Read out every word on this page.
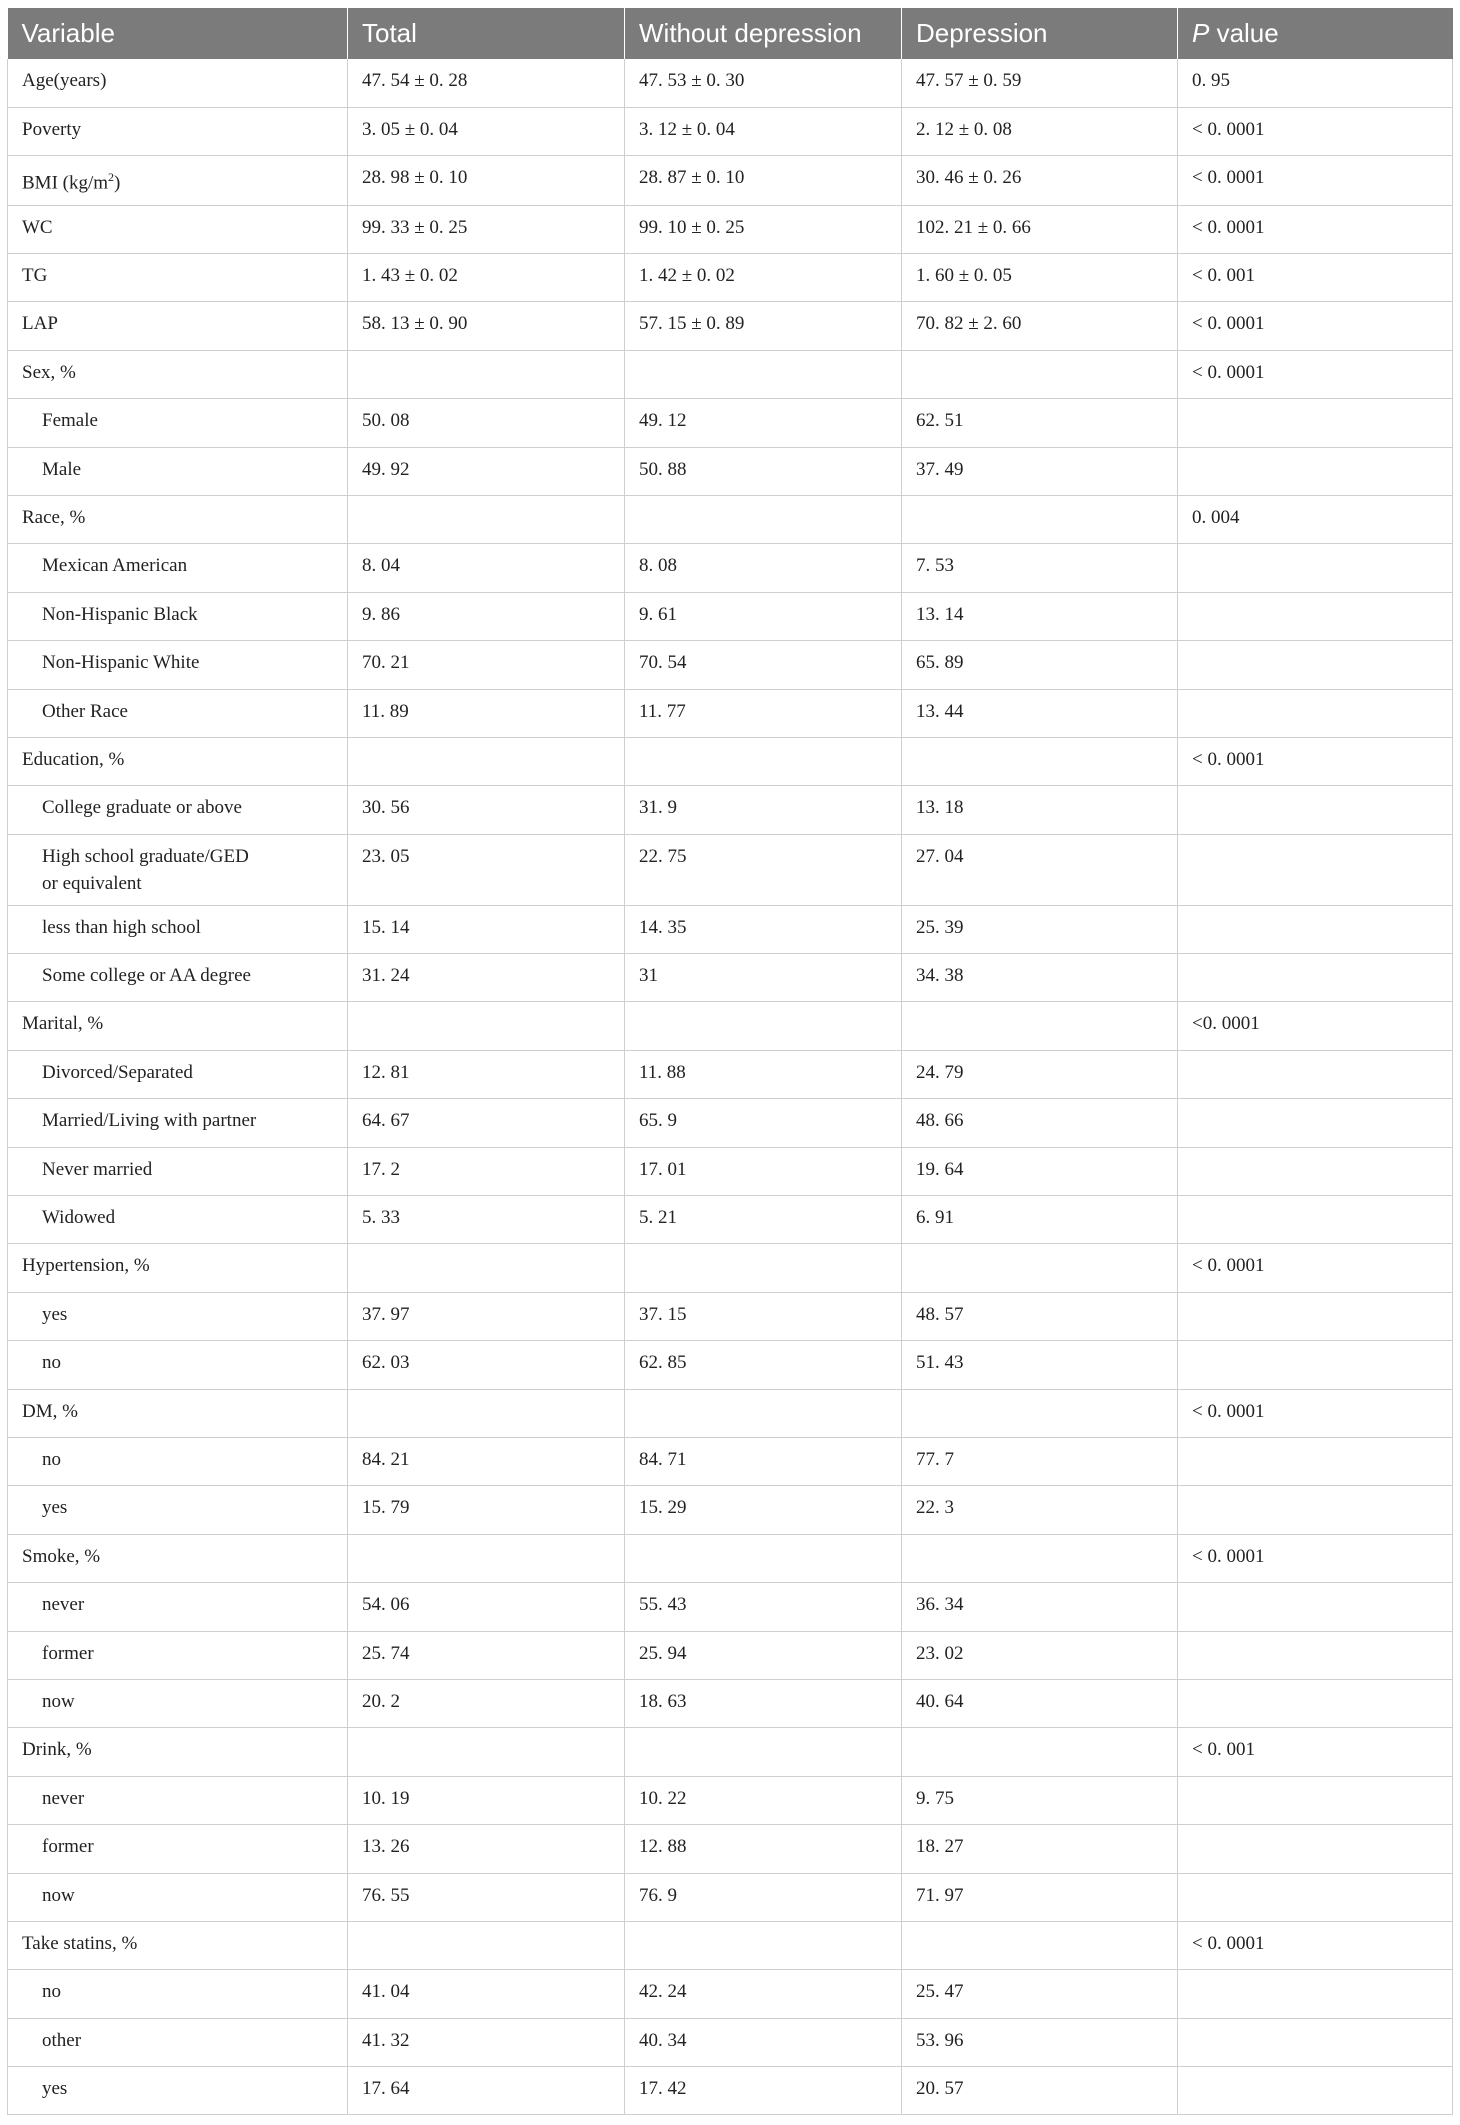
Variable	Total	Without depression	Depression	P value
Age(years)	47. 54 ± 0. 28	47. 53 ± 0. 30	47. 57 ± 0. 59	0. 95
Poverty	3. 05 ± 0. 04	3. 12 ± 0. 04	2. 12 ± 0. 08	< 0. 0001
BMI $(kg/m^2)$	28. 98 ± 0. 10	28. 87 ± 0. 10	30. 46 ± 0. 26	< 0. 0001
WC	99. 33 ± 0. 25	99. 10 ± 0. 25	102. 21 ± 0. 66	< 0. 0001
TG	1. 43 ± 0. 02	1. 42 ± 0. 02	1. 60 ± 0. 05	< 0. 001
LAP	58. 13 ± 0. 90	57. 15 ± 0. 89	70. 82 ± 2. 60	< 0. 0001
Sex, %				< 0. 0001
Female	50. 08	49. 12	62. 51	
Male	49. 92	50. 88	37. 49	
Race, %				0. 004
Mexican American	8. 04	8. 08	7. 53	
Non-Hispanic Black	9. 86	9. 61	13. 14	
Non-Hispanic White	70. 21	70. 54	65. 89	
Other Race	11. 89	11. 77	13. 44	
Education, %				< 0. 0001
College graduate or above	30. 56	31. 9	13. 18	
High school graduate/GED
or equivalent	23. 05	22. 75	27. 04	
less than high school	15. 14	14. 35	25. 39	
Some college or AA degree	31. 24	31	34. 38	
Marital, %				<0. 0001
Divorced/Separated	12. 81	11. 88	24. 79	
Married/Living with partner	64. 67	65. 9	48. 66	
Never married	17. 2	17. 01	19. 64	
Widowed	5. 33	5. 21	6. 91	
Hypertension, %				< 0. 0001
yes	37. 97	37. 15	48. 57	
no	62. 03	62. 85	51. 43	
DM, %				< 0. 0001
no	84. 21	84. 71	77. 7	
yes	15. 79	15. 29	22. 3	
Smoke, %				< 0. 0001
never	54. 06	55. 43	36. 34	
former	25. 74	25. 94	23. 02	
now	20. 2	18. 63	40. 64	
Drink, %				< 0. 001
never	10. 19	10. 22	9. 75	
former	13. 26	12. 88	18. 27	
now	76. 55	76. 9	71. 97	
Take statins, %				< 0. 0001
no	41. 04	42. 24	25. 47	
other	41. 32	40. 34	53. 96	
yes	17. 64	17. 42	20. 57	
